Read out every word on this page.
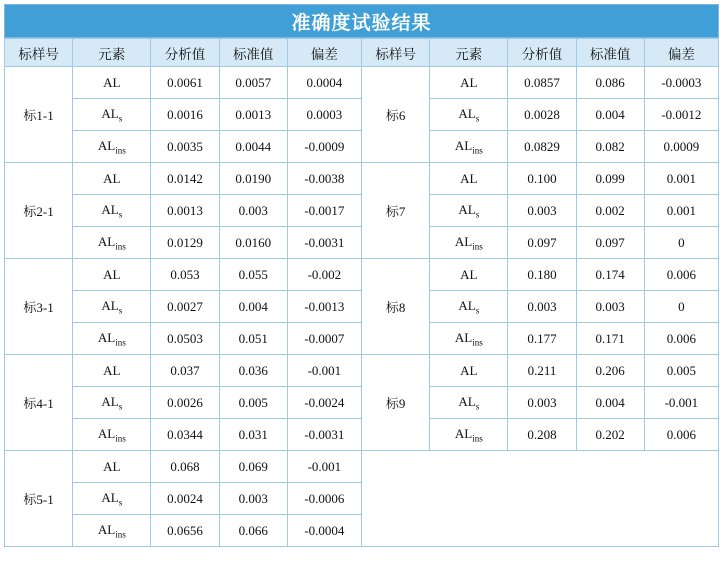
准确度试验结果
标样号	元素	分析值	标准值	偏差	标样号	元素	分析值	标准值	偏差
标1-1	AL	0.0061	0.0057	0.0004	标6	AL	0.0857	0.086	-0.0003
	$AL_s$	0.0016	0.0013	0.0003		$AL_s$	0.0028	0.004	-0.0012
	$AL_{ins}$	0.0035	0.0044	-0.0009		$AL_{ins}$	0.0829	0.082	0.0009
标2-1	AL	0.0142	0.0190	-0.0038	标7	AL	0.100	0.099	0.001
	$AL_s$	0.0013	0.003	-0.0017		$AL_s$	0.003	0.002	0.001
	$AL_{ins}$	0.0129	0.0160	-0.0031		$AL_{ins}$	0.097	0.097	0
标3-1	AL	0.053	0.055	-0.002	标8	AL	0.180	0.174	0.006
	$AL_s$	0.0027	0.004	-0.0013		$AL_s$	0.003	0.003	0
	$AL_{ins}$	0.0503	0.051	-0.0007		$AL_{ins}$	0.177	0.171	0.006
标4-1	AL	0.037	0.036	-0.001	标9	AL	0.211	0.206	0.005
	$AL_s$	0.0026	0.005	-0.0024		$AL_s$	0.003	0.004	-0.001
	$AL_{ins}$	0.0344	0.031	-0.0031		$AL_{ins}$	0.208	0.202	0.006
标5-1	AL	0.068	0.069	-0.001					
	$AL_s$	0.0024	0.003	-0.0006					
	$AL_{ins}$	0.0656	0.066	-0.0004					
